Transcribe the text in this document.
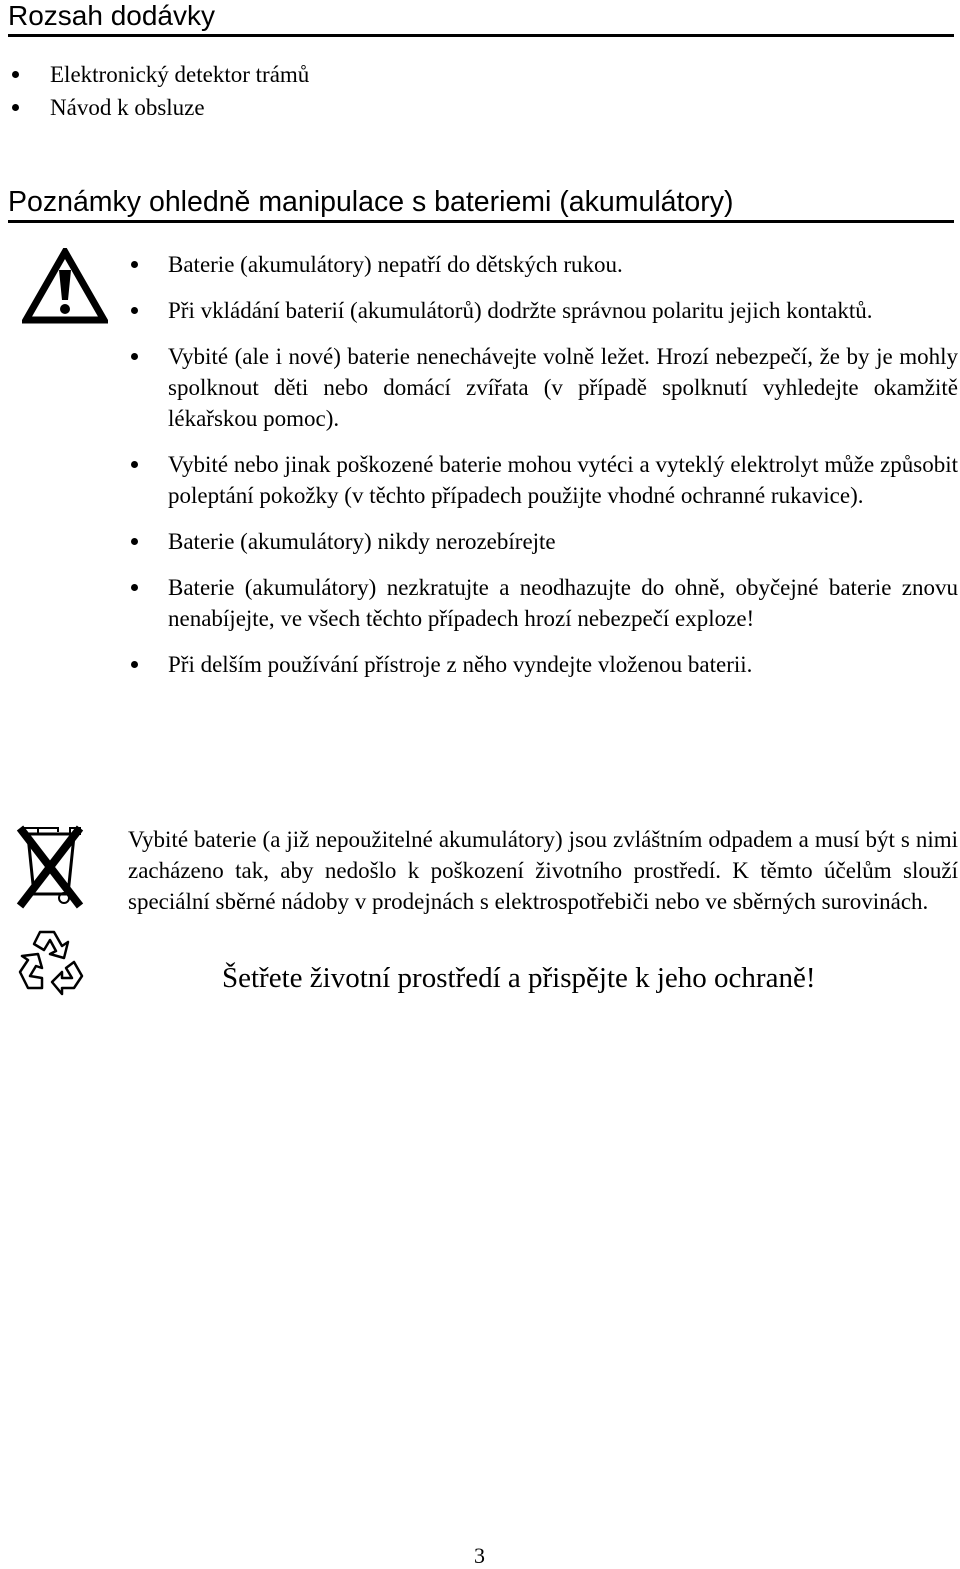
Rozsah dodávky
Elektronický detektor trámů
Návod k obsluze
Poznámky ohledně manipulace s bateriemi (akumulátory)
Baterie (akumulátory) nepatří do dětských rukou.
Při vkládání baterií (akumulátorů) dodržte správnou polaritu jejich kontaktů.
Vybité (ale i nové) baterie nenechávejte volně ležet. Hrozí nebezpečí, že by je mohly spolknout děti nebo domácí zvířata (v případě spolknutí vyhledejte okamžitě lékařskou pomoc).
Vybité nebo jinak poškozené baterie mohou vytéci a vyteklý elektrolyt může způsobit poleptání pokožky (v těchto případech použijte vhodné ochranné rukavice).
Baterie (akumulátory) nikdy nerozebírejte
Baterie (akumulátory) nezkratujte a neodhazujte do ohně, obyčejné baterie znovu nenabíjejte, ve všech těchto případech hrozí nebezpečí exploze!
Při delším používání přístroje z něho vyndejte vloženou baterii.

Vybité baterie (a již nepoužitelné akumulátory) jsou zvláštním odpadem a musí být s nimi zacházeno tak, aby nedošlo k poškození životního prostředí. K těmto účelům slouží speciální sběrné nádoby v prodejnách s elektrospotřebiči nebo ve sběrných surovinách.

Šetřete životní prostředí a přispějte k jeho ochraně!

3
